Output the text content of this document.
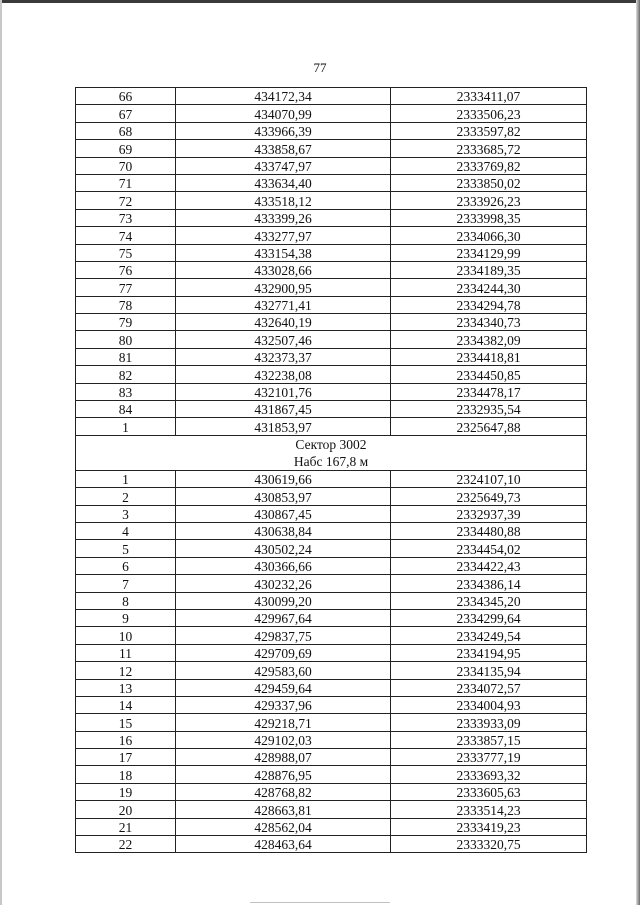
77
66	434172,34	2333411,07
67	434070,99	2333506,23
68	433966,39	2333597,82
69	433858,67	2333685,72
70	433747,97	2333769,82
71	433634,40	2333850,02
72	433518,12	2333926,23
73	433399,26	2333998,35
74	433277,97	2334066,30
75	433154,38	2334129,99
76	433028,66	2334189,35
77	432900,95	2334244,30
78	432771,41	2334294,78
79	432640,19	2334340,73
80	432507,46	2334382,09
81	432373,37	2334418,81
82	432238,08	2334450,85
83	432101,76	2334478,17
84	431867,45	2332935,54
1	431853,97	2325647,88

Сектор 3002
Набс 167,8 м		

1	430619,66	2324107,10
2	430853,97	2325649,73
3	430867,45	2332937,39
4	430638,84	2334480,88
5	430502,24	2334454,02
6	430366,66	2334422,43
7	430232,26	2334386,14
8	430099,20	2334345,20
9	429967,64	2334299,64
10	429837,75	2334249,54
11	429709,69	2334194,95
12	429583,60	2334135,94
13	429459,64	2334072,57
14	429337,96	2334004,93
15	429218,71	2333933,09
16	429102,03	2333857,15
17	428988,07	2333777,19
18	428876,95	2333693,32
19	428768,82	2333605,63
20	428663,81	2333514,23
21	428562,04	2333419,23
22	428463,64	2333320,75
